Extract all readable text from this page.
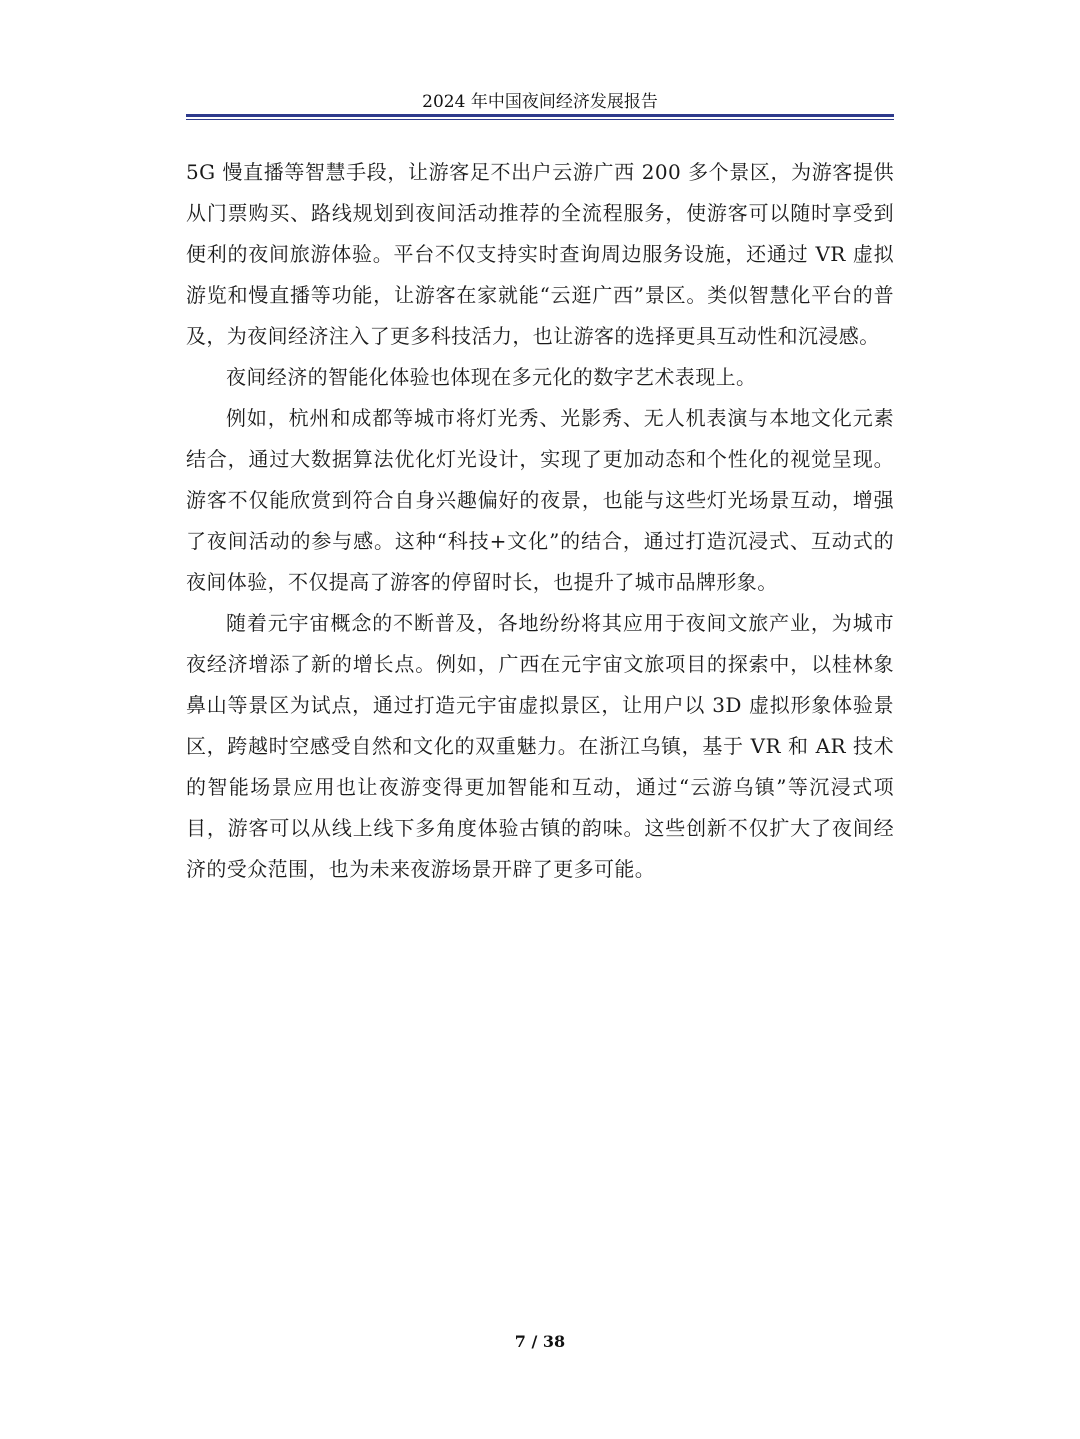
2024 年中国夜间经济发展报告

5G 慢直播等智慧手段，让游客足不出户云游广西 200 多个景区，为游客提供从门票购买、路线规划到夜间活动推荐的全流程服务，使游客可以随时享受到便利的夜间旅游体验。平台不仅支持实时查询周边服务设施，还通过 VR 虚拟游览和慢直播等功能，让游客在家就能“云逛广西”景区。类似智慧化平台的普及，为夜间经济注入了更多科技活力，也让游客的选择更具互动性和沉浸感。

夜间经济的智能化体验也体现在多元化的数字艺术表现上。

例如，杭州和成都等城市将灯光秀、光影秀、无人机表演与本地文化元素结合，通过大数据算法优化灯光设计，实现了更加动态和个性化的视觉呈现。游客不仅能欣赏到符合自身兴趣偏好的夜景，也能与这些灯光场景互动，增强了夜间活动的参与感。这种“科技+文化”的结合，通过打造沉浸式、互动式的夜间体验，不仅提高了游客的停留时长，也提升了城市品牌形象。

随着元宇宙概念的不断普及，各地纷纷将其应用于夜间文旅产业，为城市夜经济增添了新的增长点。例如，广西在元宇宙文旅项目的探索中，以桂林象鼻山等景区为试点，通过打造元宇宙虚拟景区，让用户以 3D 虚拟形象体验景区，跨越时空感受自然和文化的双重魅力。在浙江乌镇，基于 VR 和 AR 技术的智能场景应用也让夜游变得更加智能和互动，通过“云游乌镇”等沉浸式项目，游客可以从线上线下多角度体验古镇的韵味。这些创新不仅扩大了夜间经济的受众范围，也为未来夜游场景开辟了更多可能。

7 / 38
